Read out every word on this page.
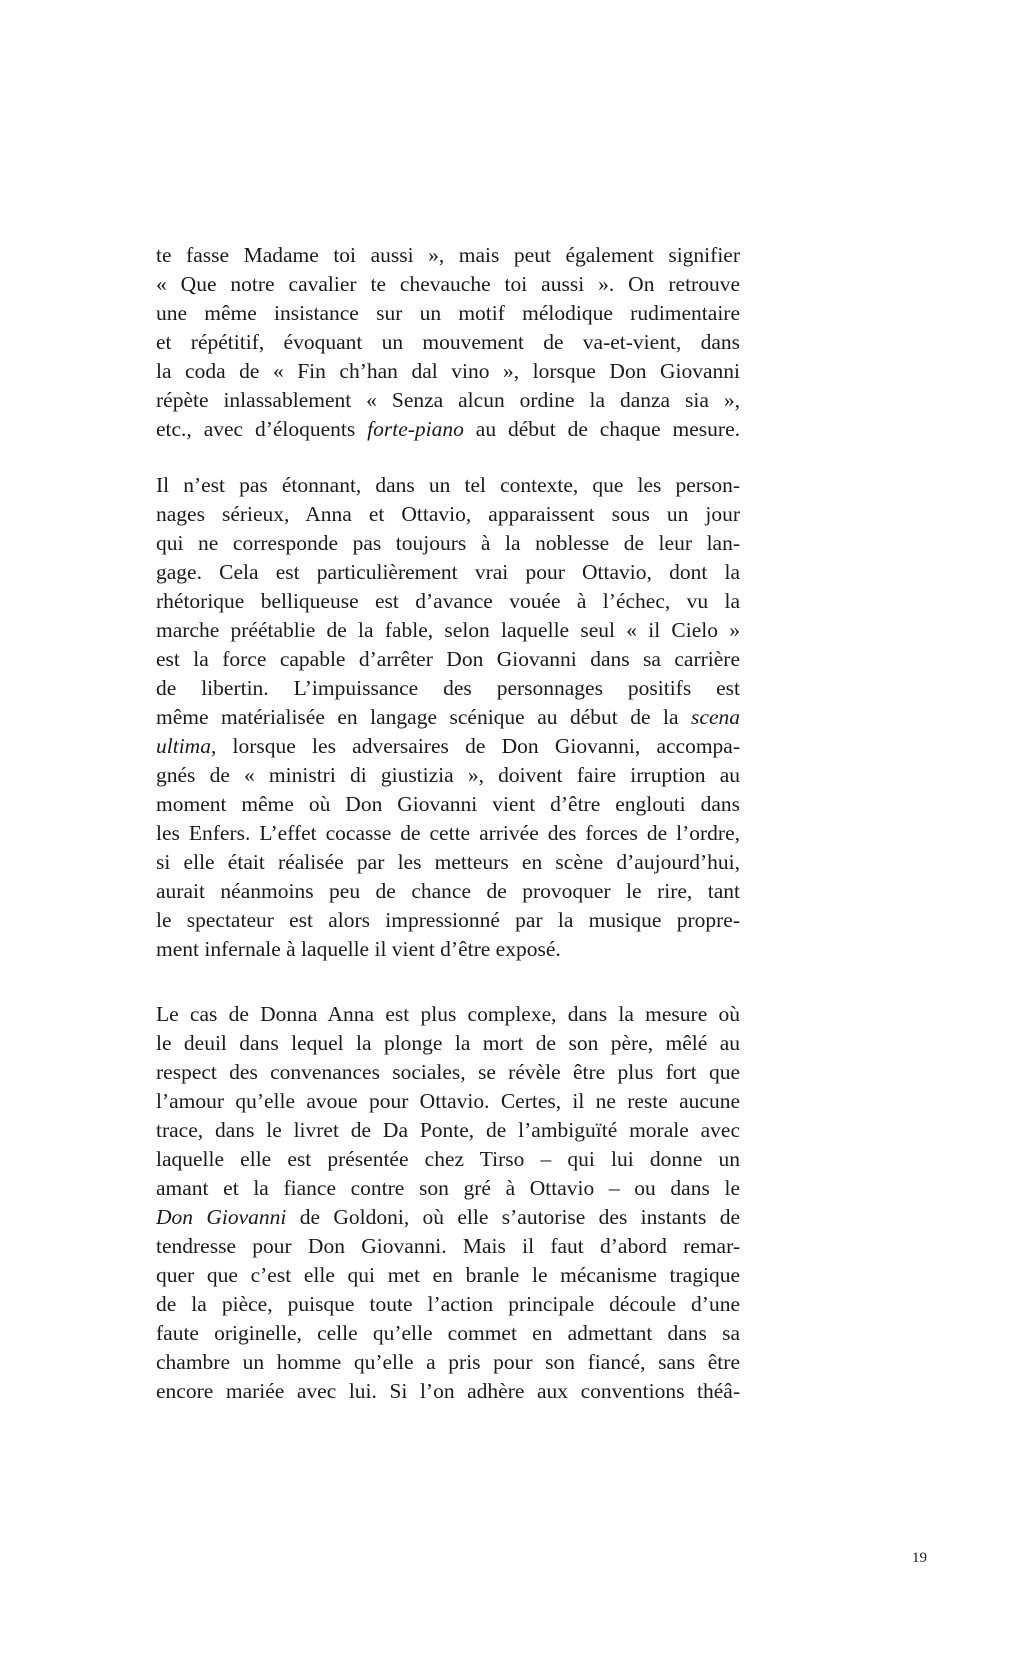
te fasse Madame toi aussi », mais peut également signifier
« Que notre cavalier te chevauche toi aussi ». On retrouve
une même insistance sur un motif mélodique rudimentaire
et répétitif, évoquant un mouvement de va-et-vient, dans
la coda de « Fin ch’han dal vino », lorsque Don Giovanni
répète inlassablement « Senza alcun ordine la danza sia »,
etc., avec d’éloquents forte-piano au début de chaque mesure.
Il n’est pas étonnant, dans un tel contexte, que les person-
nages sérieux, Anna et Ottavio, apparaissent sous un jour
qui ne corresponde pas toujours à la noblesse de leur lan-
gage. Cela est particulièrement vrai pour Ottavio, dont la
rhétorique belliqueuse est d’avance vouée à l’échec, vu la
marche préétablie de la fable, selon laquelle seul « il Cielo »
est la force capable d’arrêter Don Giovanni dans sa carrière
de libertin. L’impuissance des personnages positifs est
même matérialisée en langage scénique au début de la scena
ultima, lorsque les adversaires de Don Giovanni, accompa-
gnés de « ministri di giustizia », doivent faire irruption au
moment même où Don Giovanni vient d’être englouti dans
les Enfers. L’effet cocasse de cette arrivée des forces de l’ordre,
si elle était réalisée par les metteurs en scène d’aujourd’hui,
aurait néanmoins peu de chance de provoquer le rire, tant
le spectateur est alors impressionné par la musique propre-
ment infernale à laquelle il vient d’être exposé.
Le cas de Donna Anna est plus complexe, dans la mesure où
le deuil dans lequel la plonge la mort de son père, mêlé au
respect des convenances sociales, se révèle être plus fort que
l’amour qu’elle avoue pour Ottavio. Certes, il ne reste aucune
trace, dans le livret de Da Ponte, de l’ambiguïté morale avec
laquelle elle est présentée chez Tirso – qui lui donne un
amant et la fiance contre son gré à Ottavio – ou dans le
Don Giovanni de Goldoni, où elle s’autorise des instants de
tendresse pour Don Giovanni. Mais il faut d’abord remar-
quer que c’est elle qui met en branle le mécanisme tragique
de la pièce, puisque toute l’action principale découle d’une
faute originelle, celle qu’elle commet en admettant dans sa
chambre un homme qu’elle a pris pour son fiancé, sans être
encore mariée avec lui. Si l’on adhère aux conventions théâ-
19
